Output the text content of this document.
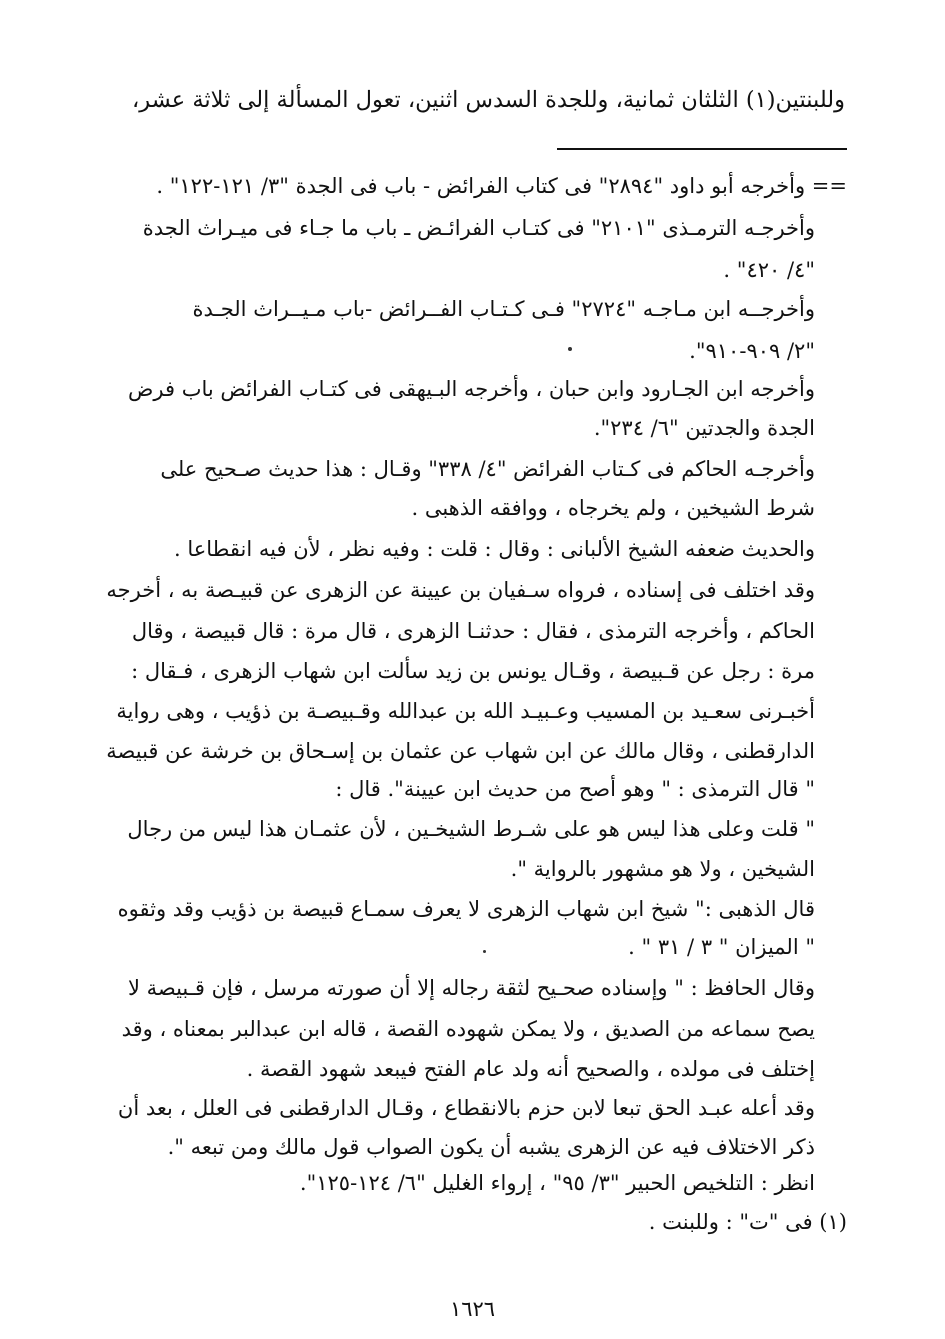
وللبنتين(١) الثلثان ثمانية، وللجدة السدس اثنين، تعول المسألة إلى ثلاثة عشر،
== وأخرجه أبو داود "٢٨٩٤" فى كتاب الفرائض - باب فى الجدة "٣/ ١٢١-١٢٢" .
وأخرجـه الترمـذى "٢١٠١" فى كتـاب الفرائـض ـ باب ما جـاء فى ميـراث الجدة
"٤/ ٤٢٠" .
وأخرجــه ابن مـاجـه "٢٧٢٤" فـى كـتـاب الفــرائض -باب مـيــراث الجـدة
"٢/ ٩٠٩-٩١٠".
وأخرجه ابن الجـارود وابن حبان ، وأخرجه البـيهقى فى كتـاب الفرائض باب فرض
الجدة والجدتين "٦/ ٢٣٤".
وأخرجـه الحاكم فى كـتاب الفرائض "٤/ ٣٣٨" وقـال : هذا حديث صـحيح على
شرط الشيخين ، ولم يخرجاه ، ووافقه الذهبى .
والحديث ضعفه الشيخ الألبانى : وقال : قلت : وفيه نظر ، لأن فيه انقطاعا .
وقد اختلف فى إسناده ، فرواه سـفيان بن عيينة عن الزهرى عن قبيـصة به ، أخرجه
الحاكم ، وأخرجه الترمذى ، فقال : حدثنـا الزهرى ، قال مرة : قال قبيصة ، وقال
مرة : رجل عن قـبيصة ، وقـال يونس بن زيد سألت ابن شهاب الزهرى ، فـقال :
أخبـرنى سعـيد بن المسيب وعـبيـد الله بن عبدالله وقـبيصـة بن ذؤيب ، وهى رواية
الدارقطنى ، وقال مالك عن ابن شهاب عن عثمان بن إسـحاق بن خرشة عن قبيصة
" قال الترمذى : " وهو أصح من حديث ابن عيينة". قال :
" قلت وعلى هذا ليس هو على شـرط الشيخـين ، لأن عثمـان هذا ليس من رجال
الشيخين ، ولا هو مشهور بالرواية ".
قال الذهبى :" شيخ ابن شهاب الزهرى لا يعرف سمـاع قبيصة بن ذؤيب وقد وثقوه
" الميزان " ٣ / ٣١ " .
وقال الحافظ : " وإسناده صحـيح لثقة رجاله إلا أن صورته مرسل ، فإن قـبيصة لا
يصح سماعه من الصديق ، ولا يمكن شهوده القصة ، قاله ابن عبدالبر بمعناه ، وقد
إختلف فى مولده ، والصحيح أنه ولد عام الفتح فيبعد شهود القصة .
وقد أعله عبـد الحق تبعا لابن حزم بالانقطاع ، وقـال الدارقطنى فى العلل ، بعد أن
ذكر الاختلاف فيه عن الزهرى يشبه أن يكون الصواب قول مالك ومن تبعه ".
انظر : التلخيص الحبير "٣/ ٩٥" ، إرواء الغليل "٦/ ١٢٤-١٢٥".
(١) فى "ت" : وللبنت .
١٦٢٦
